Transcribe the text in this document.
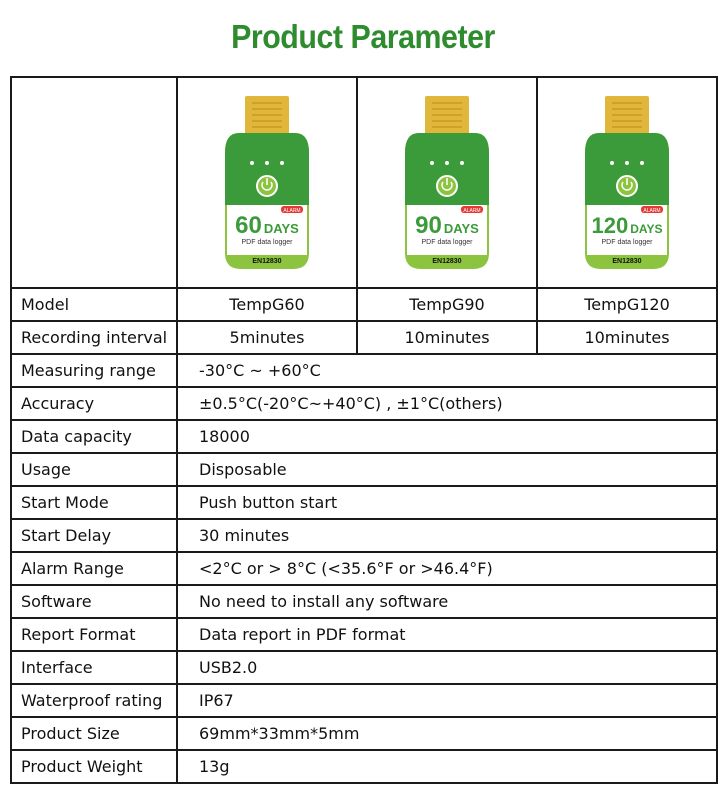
Product Parameter

ALARM
60 DAYS
PDF data logger
EN12830	ALARM
90 DAYS
PDF data logger
EN12830	ALARM
120 DAYS
PDF data logger
EN12830

Model	TempG60	TempG90	TempG120
Recording interval	5minutes	10minutes	10minutes
Measuring range	-30°C ~ +60°C		
Accuracy	±0.5°C(-20°C~+40°C) , ±1°C(others)		
Data capacity	18000		
Usage	Disposable		
Start Mode	Push button start		
Start Delay	30 minutes		
Alarm Range	<2°C or > 8°C (<35.6°F or >46.4°F)		
Software	No need to install any software		
Report Format	Data report in PDF format		
Interface	USB2.0		
Waterproof rating	IP67		
Product Size	69mm*33mm*5mm		
Product Weight	13g		
